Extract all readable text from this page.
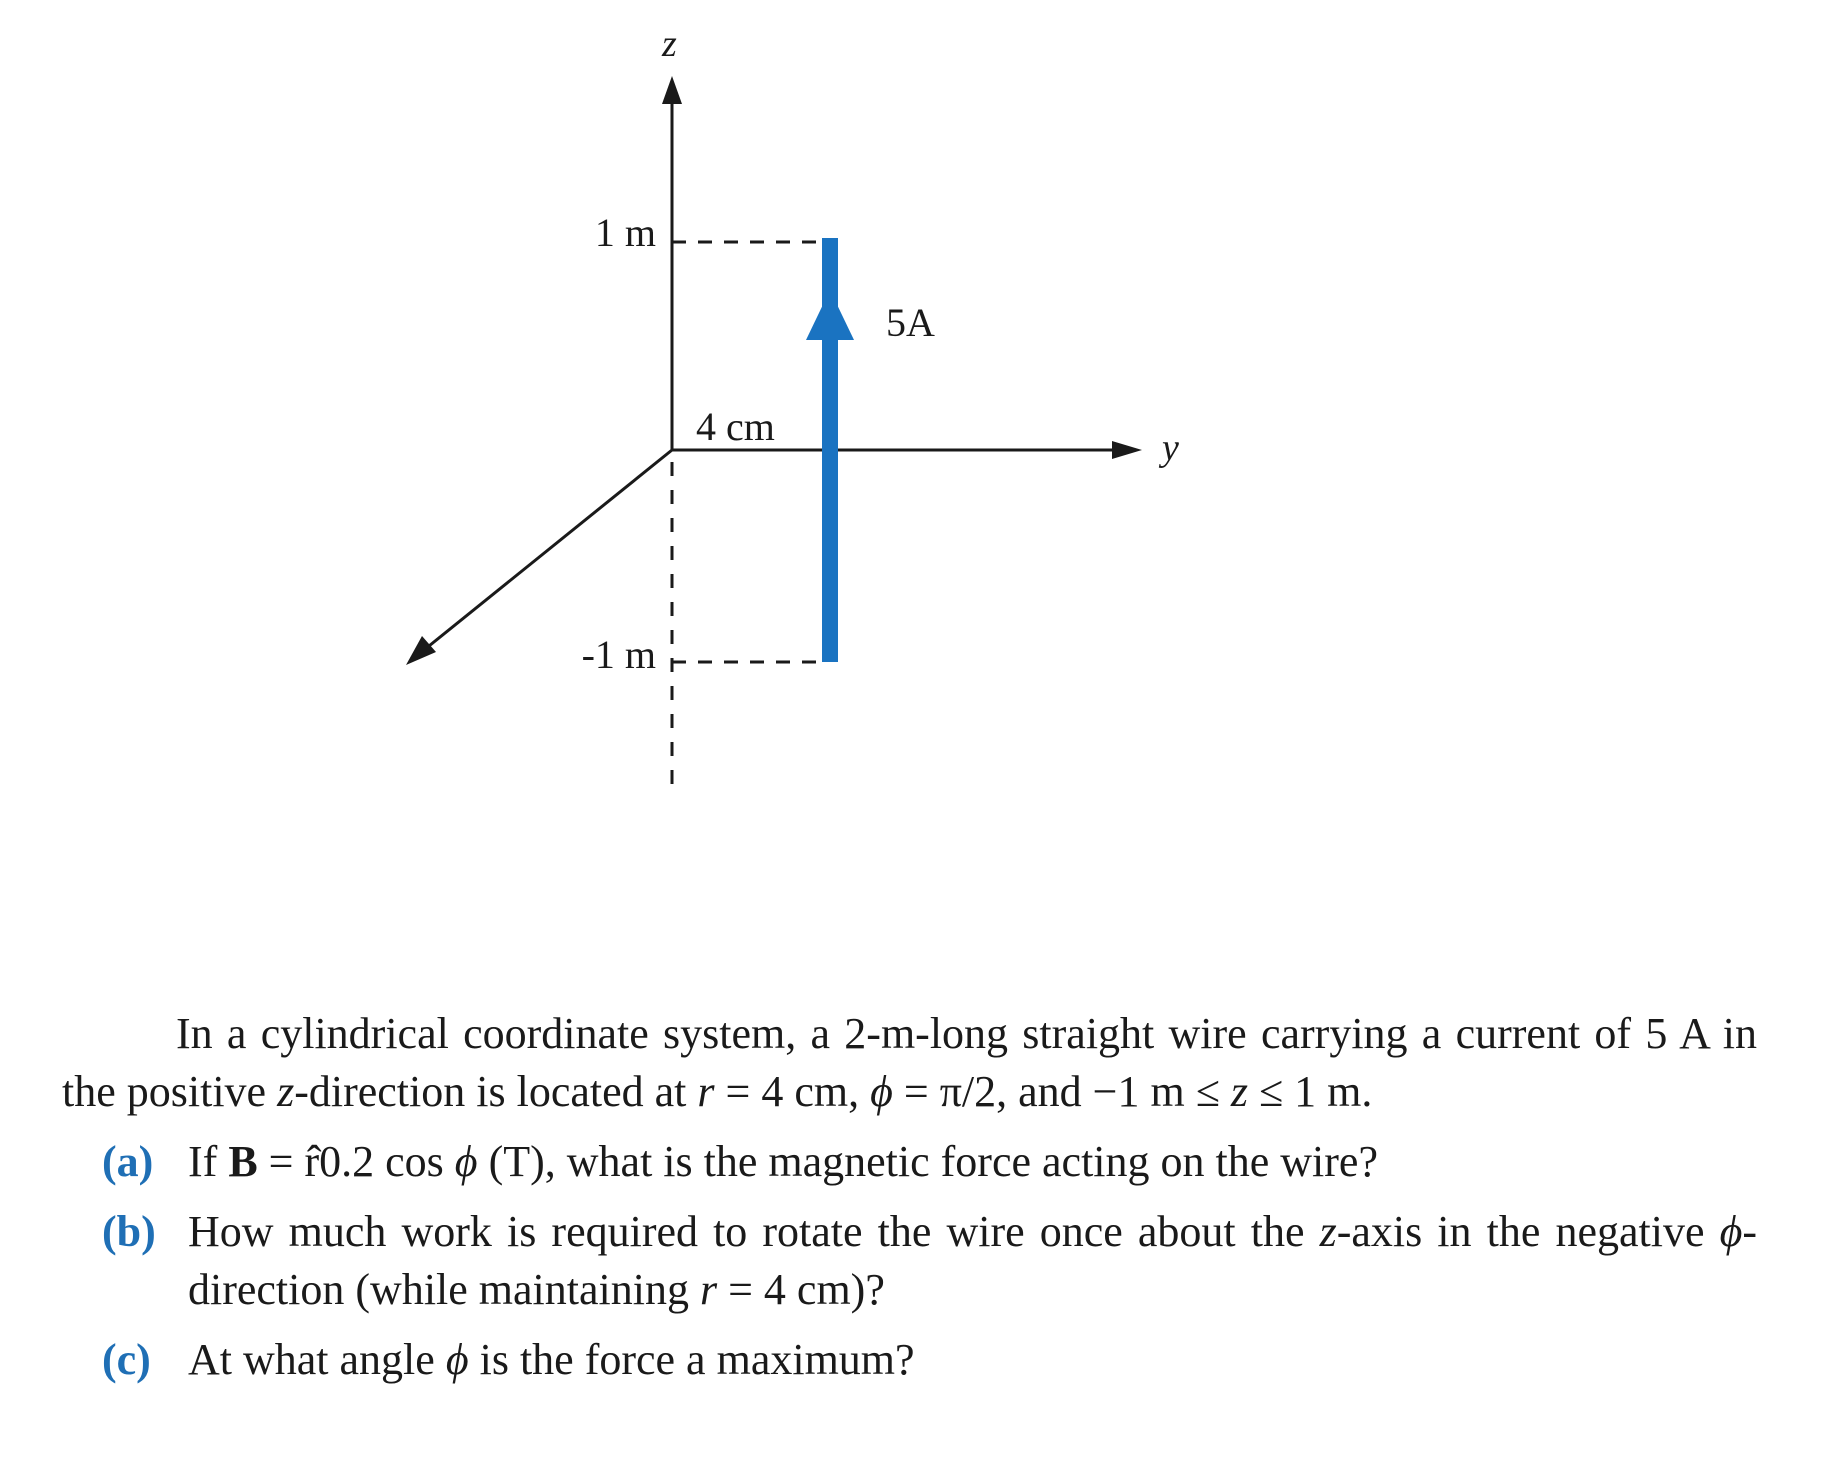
z
y
1 m
-1 m
4 cm
5A

In a cylindrical coordinate system, a 2-m-long straight wire carrying a current of 5 A in the positive z-direction is located at r = 4 cm, ϕ = π/2, and −1 m ≤ z ≤ 1 m.

(a) If B = r̂0.2 cos ϕ (T), what is the magnetic force acting on the wire?
(b) How much work is required to rotate the wire once about the z-axis in the negative ϕ-direction (while maintaining r = 4 cm)?
(c) At what angle ϕ is the force a maximum?
